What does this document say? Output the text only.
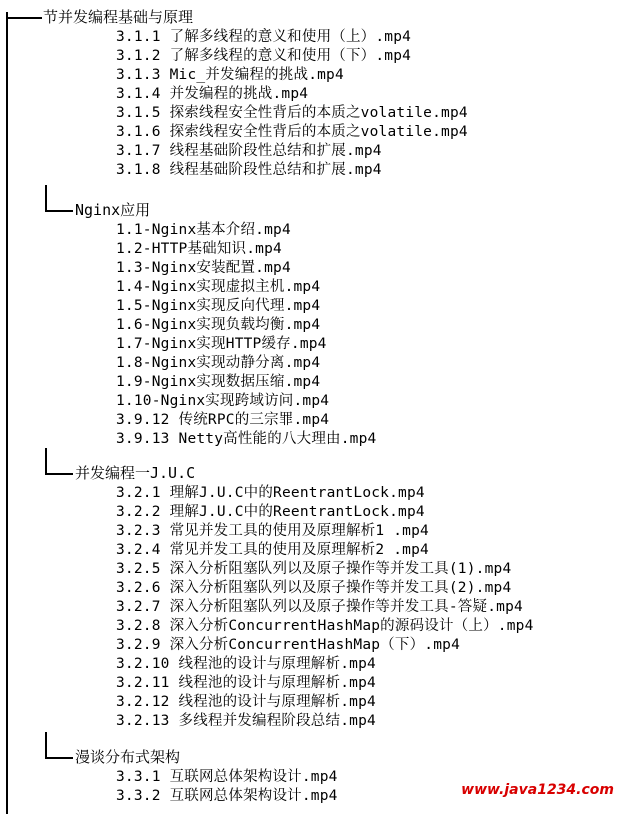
节并发编程基础与原理
3.1.1 了解多线程的意义和使用（上）.mp4
3.1.2 了解多线程的意义和使用（下）.mp4
3.1.3 Mic_并发编程的挑战.mp4
3.1.4 并发编程的挑战.mp4
3.1.5 探索线程安全性背后的本质之volatile.mp4
3.1.6 探索线程安全性背后的本质之volatile.mp4
3.1.7 线程基础阶段性总结和扩展.mp4
3.1.8 线程基础阶段性总结和扩展.mp4
Nginx应用
1.1-Nginx基本介绍.mp4
1.2-HTTP基础知识.mp4
1.3-Nginx安装配置.mp4
1.4-Nginx实现虚拟主机.mp4
1.5-Nginx实现反向代理.mp4
1.6-Nginx实现负载均衡.mp4
1.7-Nginx实现HTTP缓存.mp4
1.8-Nginx实现动静分离.mp4
1.9-Nginx实现数据压缩.mp4
1.10-Nginx实现跨域访问.mp4
3.9.12 传统RPC的三宗罪.mp4
3.9.13 Netty高性能的八大理由.mp4
并发编程一J.U.C
3.2.1 理解J.U.C中的ReentrantLock.mp4
3.2.2 理解J.U.C中的ReentrantLock.mp4
3.2.3 常见并发工具的使用及原理解析1 .mp4
3.2.4 常见并发工具的使用及原理解析2 .mp4
3.2.5 深入分析阻塞队列以及原子操作等并发工具(1).mp4
3.2.6 深入分析阻塞队列以及原子操作等并发工具(2).mp4
3.2.7 深入分析阻塞队列以及原子操作等并发工具-答疑.mp4
3.2.8 深入分析ConcurrentHashMap的源码设计（上）.mp4
3.2.9 深入分析ConcurrentHashMap（下）.mp4
3.2.10 线程池的设计与原理解析.mp4
3.2.11 线程池的设计与原理解析.mp4
3.2.12 线程池的设计与原理解析.mp4
3.2.13 多线程并发编程阶段总结.mp4
漫谈分布式架构
3.3.1 互联网总体架构设计.mp4
3.3.2 互联网总体架构设计.mp4	www.java1234.com
